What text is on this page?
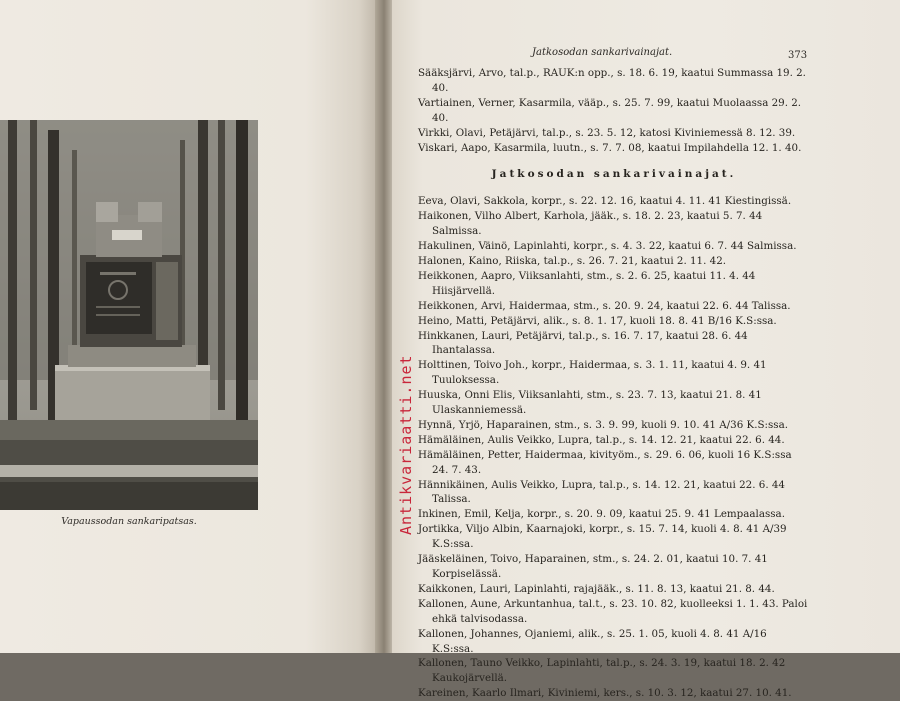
Vapaussodan sankaripatsas.
Jatkosodan sankarivainajat.	373

Sääksjärvi, Arvo, tal.p., RAUK:n opp., s. 18. 6. 19, kaatui Summassa 19. 2. 40.

Vartiainen, Verner, Kasarmila, vääp., s. 25. 7. 99, kaatui Muolaassa 29. 2. 40.

Virkki, Olavi, Petäjärvi, tal.p., s. 23. 5. 12, katosi Kiviniemessä 8. 12. 39.

Viskari, Aapo, Kasarmila, luutn., s. 7. 7. 08, kaatui Impilahdella 12. 1. 40.

Jatkosodan sankarivainajat.

Eeva, Olavi, Sakkola, korpr., s. 22. 12. 16, kaatui 4. 11. 41 Kiestingissä.

Haikonen, Vilho Albert, Karhola, jääk., s. 18. 2. 23, kaatui 5. 7. 44 Salmissa.

Hakulinen, Väinö, Lapinlahti, korpr., s. 4. 3. 22, kaatui 6. 7. 44 Salmissa.

Halonen, Kaino, Riiska, tal.p., s. 26. 7. 21, kaatui 2. 11. 42.

Heikkonen, Aapro, Viiksanlahti, stm., s. 2. 6. 25, kaatui 11. 4. 44 Hiisjärvellä.

Heikkonen, Arvi, Haidermaa, stm., s. 20. 9. 24, kaatui 22. 6. 44 Talissa.

Heino, Matti, Petäjärvi, alik., s. 8. 1. 17, kuoli 18. 8. 41 B/16 K.S:ssa.

Hinkkanen, Lauri, Petäjärvi, tal.p., s. 16. 7. 17, kaatui 28. 6. 44 Ihantalassa.

Holttinen, Toivo Joh., korpr., Haidermaa, s. 3. 1. 11, kaatui 4. 9. 41 Tuuloksessa.

Huuska, Onni Elis, Viiksanlahti, stm., s. 23. 7. 13, kaatui 21. 8. 41 Ulaskanniemessä.

Hynnä, Yrjö, Haparainen, stm., s. 3. 9. 99, kuoli 9. 10. 41 A/36 K.S:ssa.

Hämäläinen, Aulis Veikko, Lupra, tal.p., s. 14. 12. 21, kaatui 22. 6. 44.

Hämäläinen, Petter, Haidermaa, kivityöm., s. 29. 6. 06, kuoli 16 K.S:ssa 24. 7. 43.

Hännikäinen, Aulis Veikko, Lupra, tal.p., s. 14. 12. 21, kaatui 22. 6. 44 Talissa.

Inkinen, Emil, Kelja, korpr., s. 20. 9. 09, kaatui 25. 9. 41 Lempaalassa.

Jortikka, Viljo Albin, Kaarnajoki, korpr., s. 15. 7. 14, kuoli 4. 8. 41 A/39 K.S:ssa.

Jääskeläinen, Toivo, Haparainen, stm., s. 24. 2. 01, kaatui 10. 7. 41 Korpiselässä.

Kaikkonen, Lauri, Lapinlahti, rajajääk., s. 11. 8. 13, kaatui 21. 8. 44.

Kallonen, Aune, Arkuntanhua, tal.t., s. 23. 10. 82, kuolleeksi 1. 1. 43. Paloi ehkä talvisodassa.

Kallonen, Johannes, Ojaniemi, alik., s. 25. 1. 05, kuoli 4. 8. 41 A/16 K.S:ssa.

Kallonen, Tauno Veikko, Lapinlahti, tal.p., s. 24. 3. 19, kaatui 18. 2. 42 Kaukojärvellä.

Kareinen, Kaarlo Ilmari, Kiviniemi, kers., s. 10. 3. 12, kaatui 27. 10. 41.

Antikvariaatti.net
